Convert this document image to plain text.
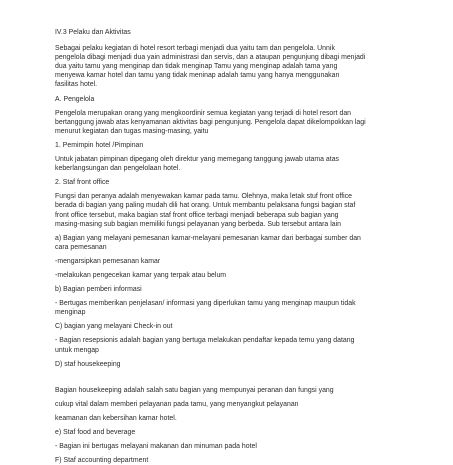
IV.3 Pelaku dan Aktivitas

Sebagai pelaku kegiatan di hotel resort terbagi menjadi dua yaitu tam dan pengelola. Unnik

pengelola dibagi menjadi dua yain administrasi dan servis, dan a ataupan pengunjung dibagi menjadi

dua yaitu tamu yang menginap dan tidak menginap Tamu yang menginap adalah tama yang

menyewa kamar hotel dan tamu yang tidak meninap adalah tamu yang hanya menggunakan

fasilitas hotel.

A. Pengelola

Pengelola merupakan orang yang mengkoordinir semua kegiatan yang terjadi di hotel resort dan

bertanggung jawab atas kenyamanan aktivitas bagi pengunjung. Pengelola dapat dikelompokkan lagi

menurut kegiatan dan tugas masing-masing, yaitu

1. Pemimpin hotel /Pimpinan

Untuk jabatan pimpinan dipegang oleh direktur yang memegang tanggung jawab utama atas

keberlangsungan dan pengelolaan hotel.

2. Staf front office

Fungsi dan peranya adalah menyewakan kamar pada tamu. Olehnya, maka letak stuf front office

berada di bagian yang paling mudah dili hat orang. Untuk membantu pelaksana fungsi bagian staf

front office tersebut, maka bagian staf front office terbagi menjadi beberapa sub bagian yang

masing-masing sub bagian memiliki fungsi pelayanan yang berbeda. Sub tersebut antara lain

a) Bagian yang melayani pemesanan kamar-melayani pemesanan kamar dari berbagai sumber dan

cara pemesanan

-mengarsipkan pemesanan kamar

-melakukan pengecekan kamar yang terpak atau belum

b) Bagian pemberi informasi

- Bertugas memberikan penjelasan/ informasi yang diperlukan tamu yang menginap maupun tidak

menginap

C) bagian yang melayani Check-in out

- Bagian resepsionis adalah bagian yang bertuga melakukan pendaftar kepada temu yang datang

untuk mengap

D) staf housekeeping

Bagian housekeeping adalah salah satu bagian yang mempunyai peranan dan fungsi yang

cukup vital dalam memberi pelayanan pada tamu, yang menyangkut pelayanan

keamanan dan kebersihan kamar hotel.

e) Staf food and beverage

- Bagian ini bertugas melayani makanan dan minuman pada hotel

F) Staf accounting department
